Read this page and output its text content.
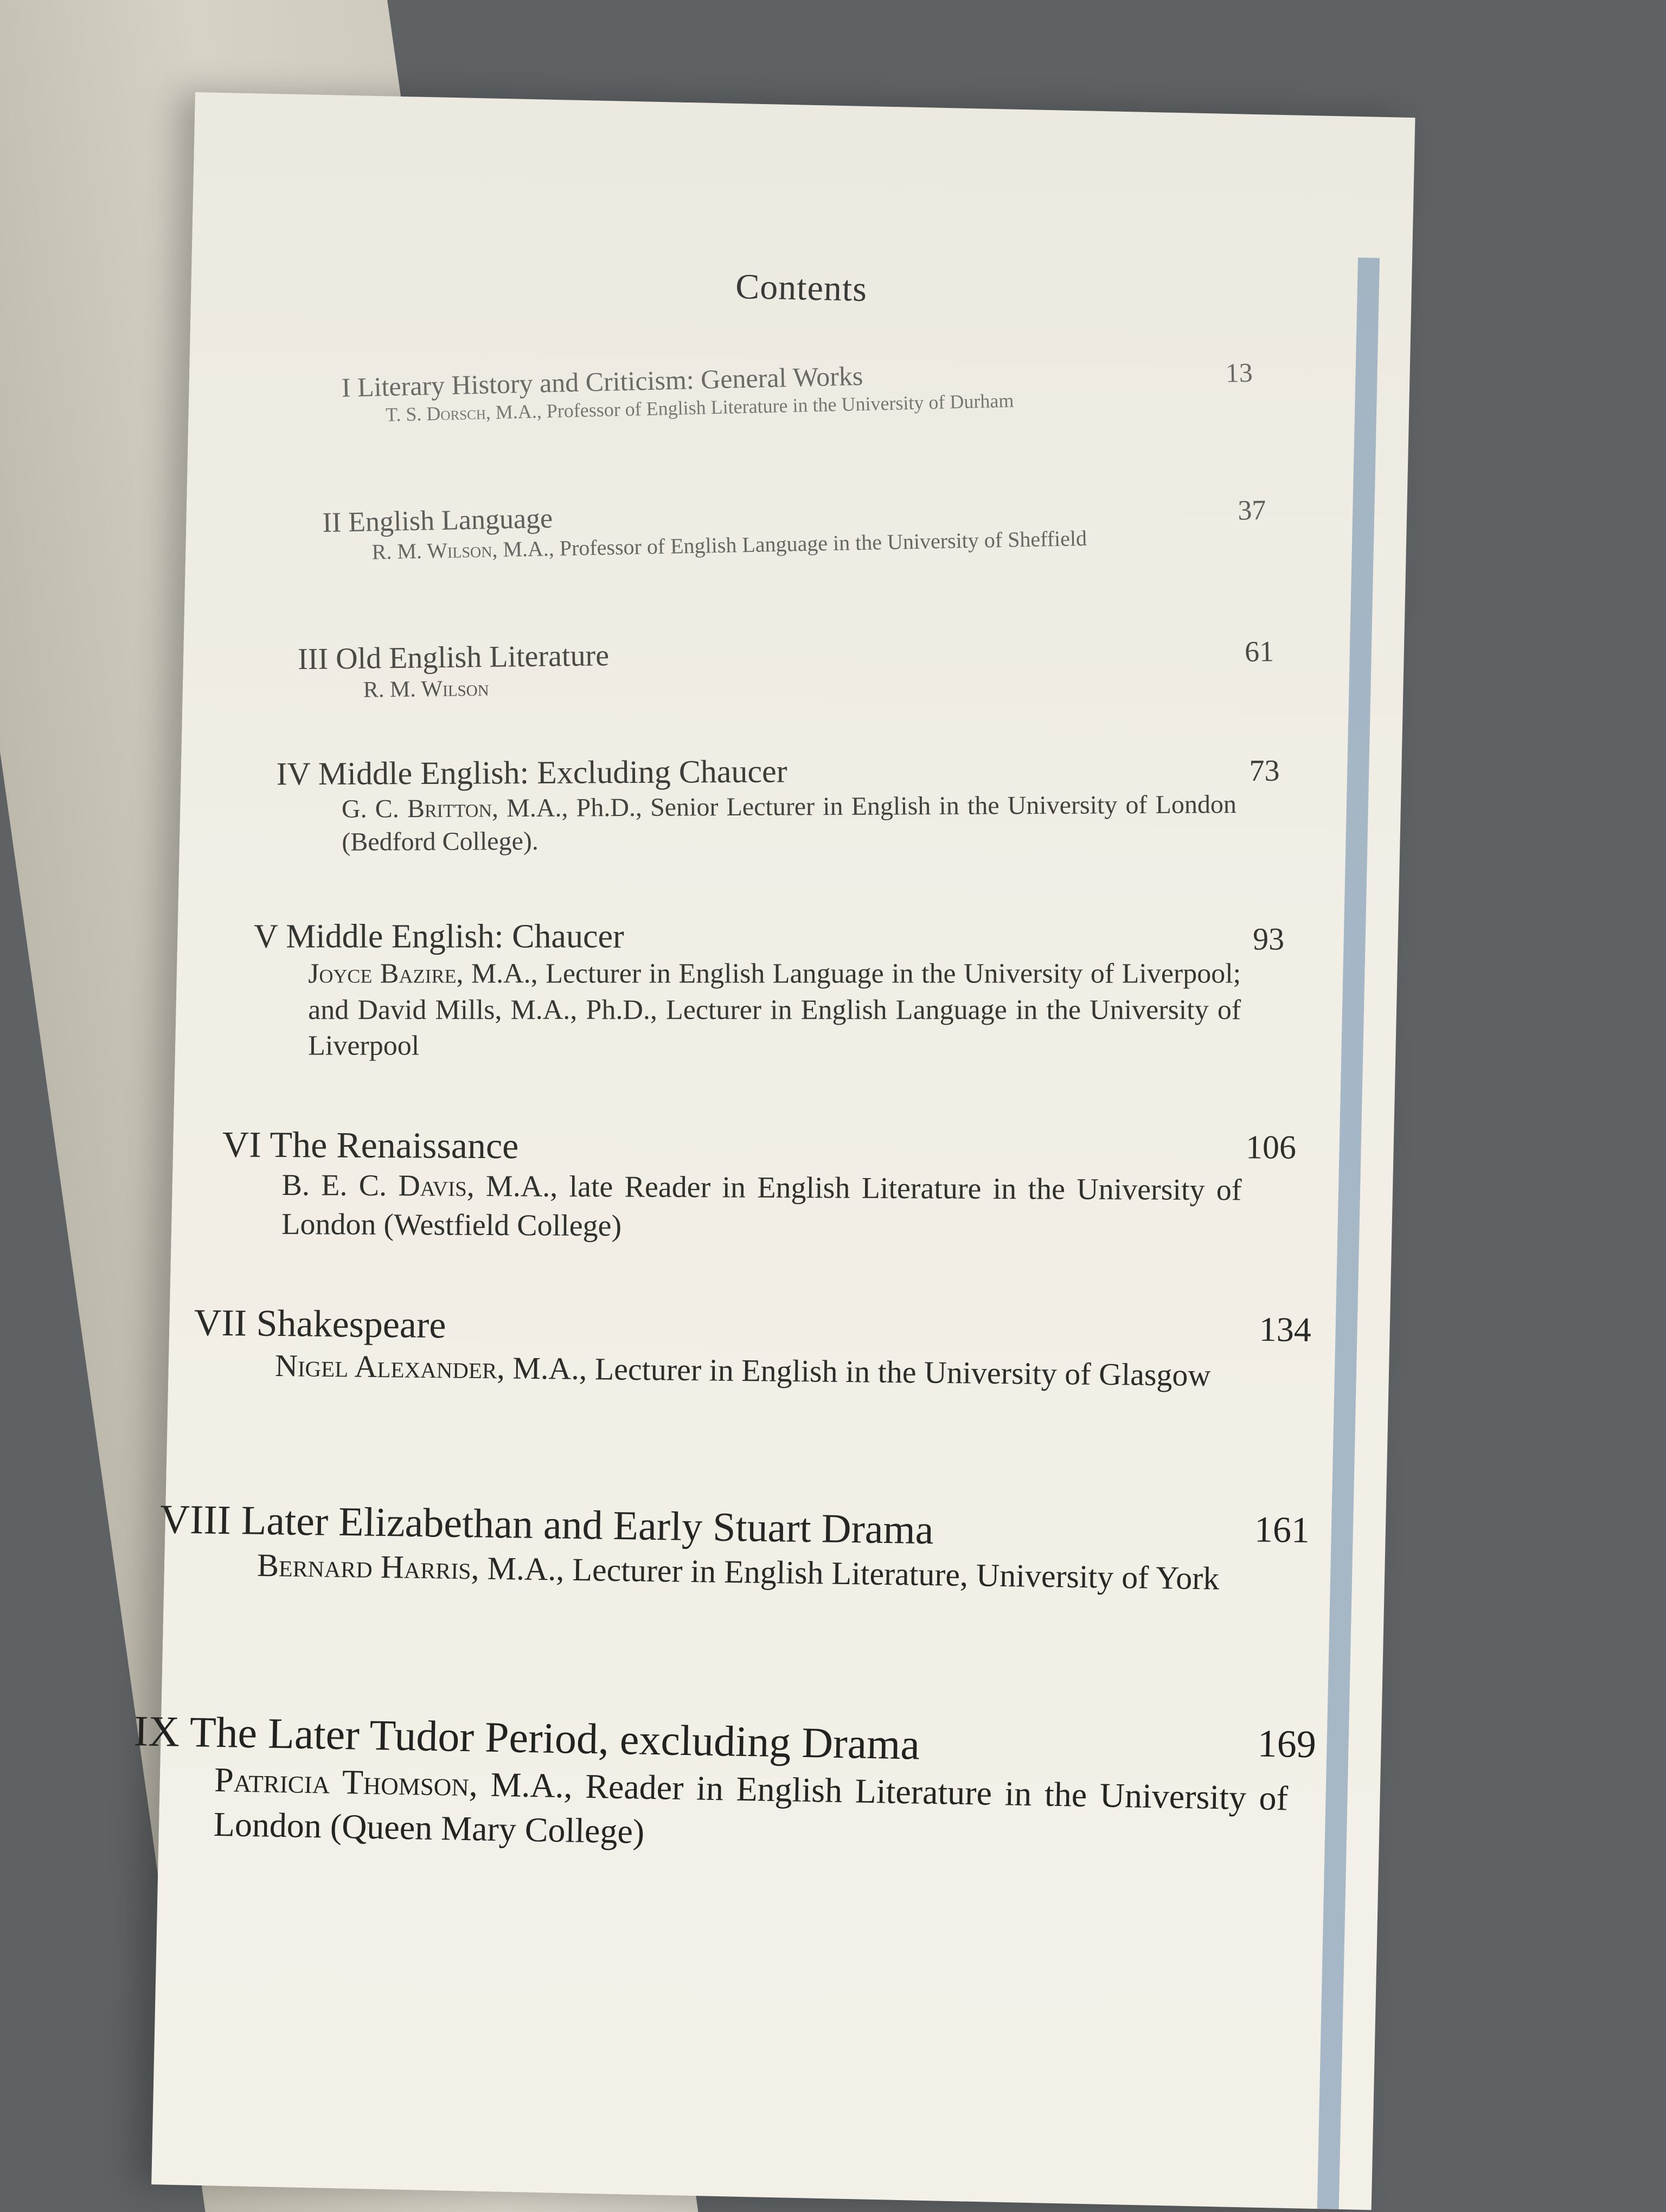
Contents
I Literary History and Criticism: General Works	13
T. S. Dorsch, M.A., Professor of English Literature in the University of Durham
II English Language	37
R. M. Wilson, M.A., Professor of English Language in the University of Sheffield
III Old English Literature	61
R. M. Wilson
IV Middle English: Excluding Chaucer	73
G. C. Britton, M.A., Ph.D., Senior Lecturer in English in the University of London (Bedford College).
V Middle English: Chaucer	93
Joyce Bazire, M.A., Lecturer in English Language in the University of Liverpool; and David Mills, M.A., Ph.D., Lecturer in English Language in the University of Liverpool
VI The Renaissance	106
B. E. C. Davis, M.A., late Reader in English Literature in the University of London (Westfield College)
VII Shakespeare	134
Nigel Alexander, M.A., Lecturer in English in the University of Glasgow
VIII Later Elizabethan and Early Stuart Drama	161
Bernard Harris, M.A., Lecturer in English Literature, University of York
IX The Later Tudor Period, excluding Drama	169
Patricia Thomson, M.A., Reader in English Literature in the University of London (Queen Mary College)
